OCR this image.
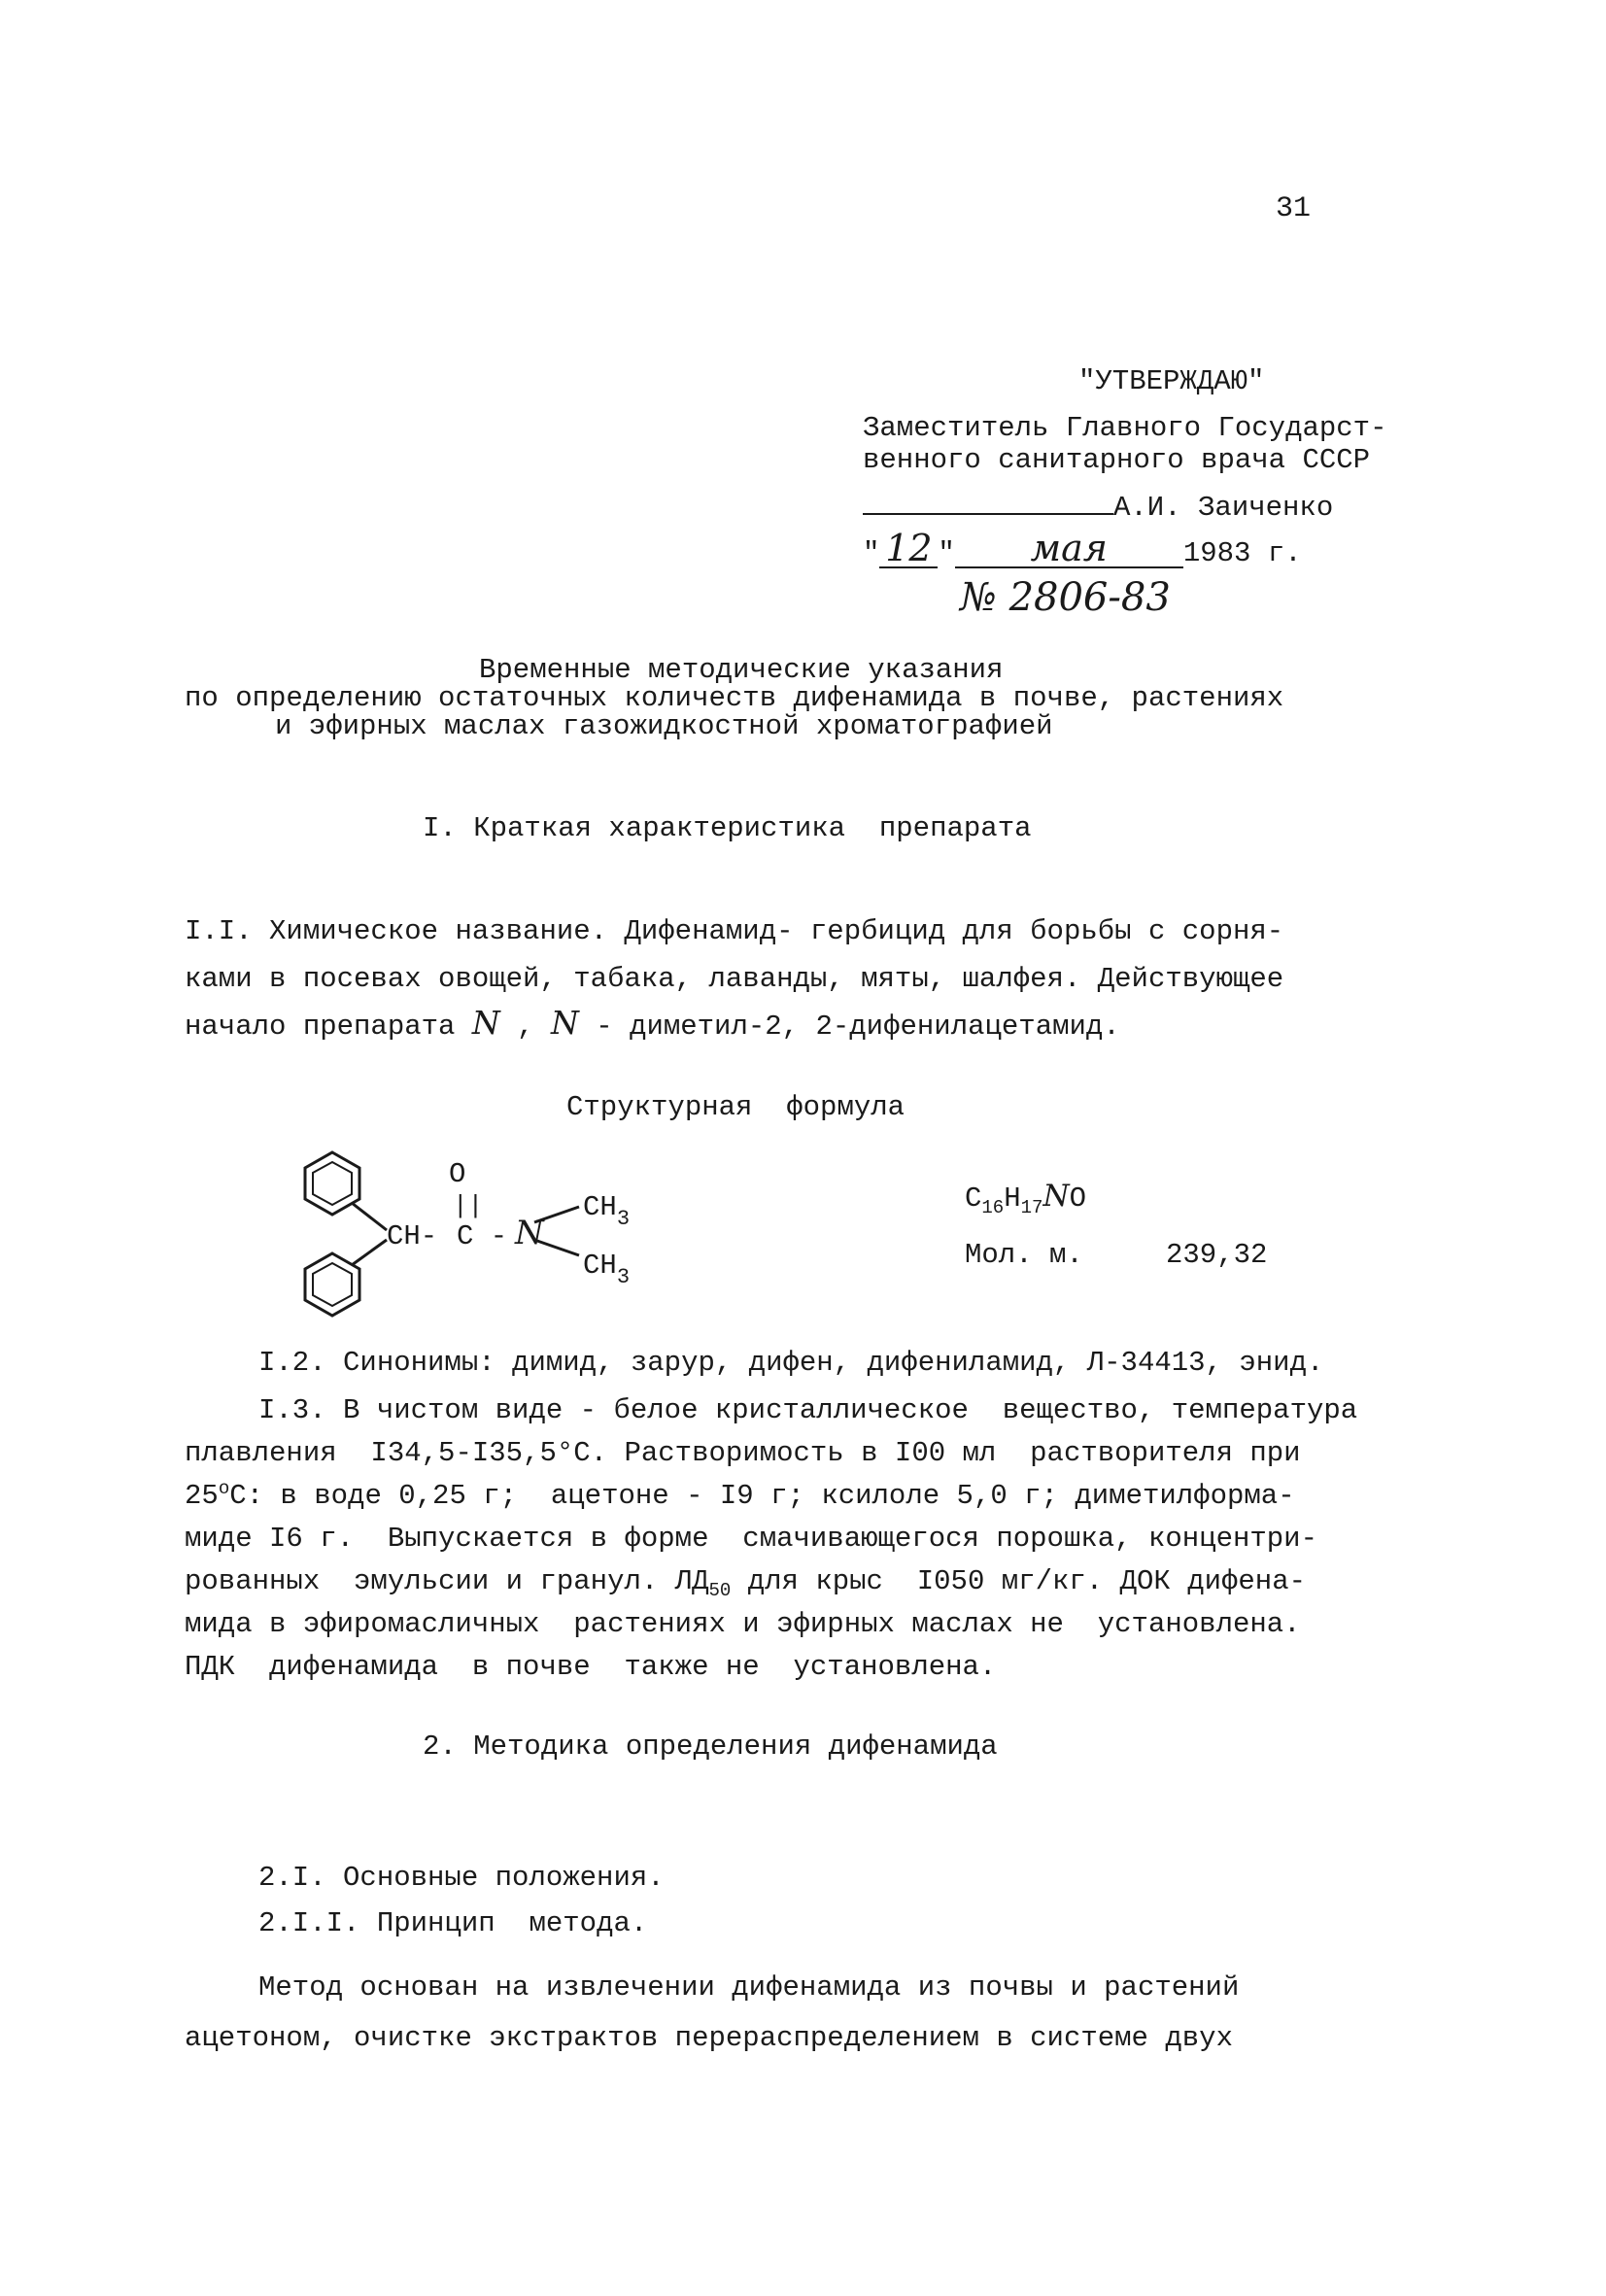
31
"УТВЕРЖДАЮ"
Заместитель Главного Государст-
венного санитарного врача СССР
А.И. Заиченко
" 12 " мая	1983 г.
№ 2806-83
Временные методические указания
по определению остаточных количеств дифенамида в почве, растениях
и эфирных маслах газожидкостной хроматографией
I. Краткая характеристика  препарата
I.I. Химическое название. Дифенамид- гербицид для борьбы с сорня-
ками в посевах овощей, табака, лаванды, мяты, шалфея. Действующее
начало препарата N , N - диметил-2, 2-дифенилацетамид.
Структурная  формула
O
||
CH- C - N
$CH_3$
$CH_3$
$C_{16}H_{17}NO$
Мол. м.	239,32
I.2. Синонимы: димид, зарур, дифен, дифениламид, Л-34413, энид.
I.3. В чистом виде - белое кристаллическое  вещество, температура
плавления  I34,5-I35,5°C. Растворимость в I00 мл  растворителя при
25$^o$C: в воде 0,25 г;  ацетоне - I9 г; ксилоле 5,0 г; диметилформа-
миде I6 г.  Выпускается в форме  смачивающегося порошка, концентри-
рованных  эмульсии и гранул. $ЛД_{50}$ для крыс  I050 мг/кг. ДОК дифена-
мида в эфиромасличных  растениях и эфирных маслах не  установлена.
ПДК  дифенамида  в почве  также не  установлена.
2. Методика определения дифенамида
2.I. Основные положения.
2.I.I. Принцип  метода.
Метод основан на извлечении дифенамида из почвы и растений
ацетоном, очистке экстрактов перераспределением в системе двух
